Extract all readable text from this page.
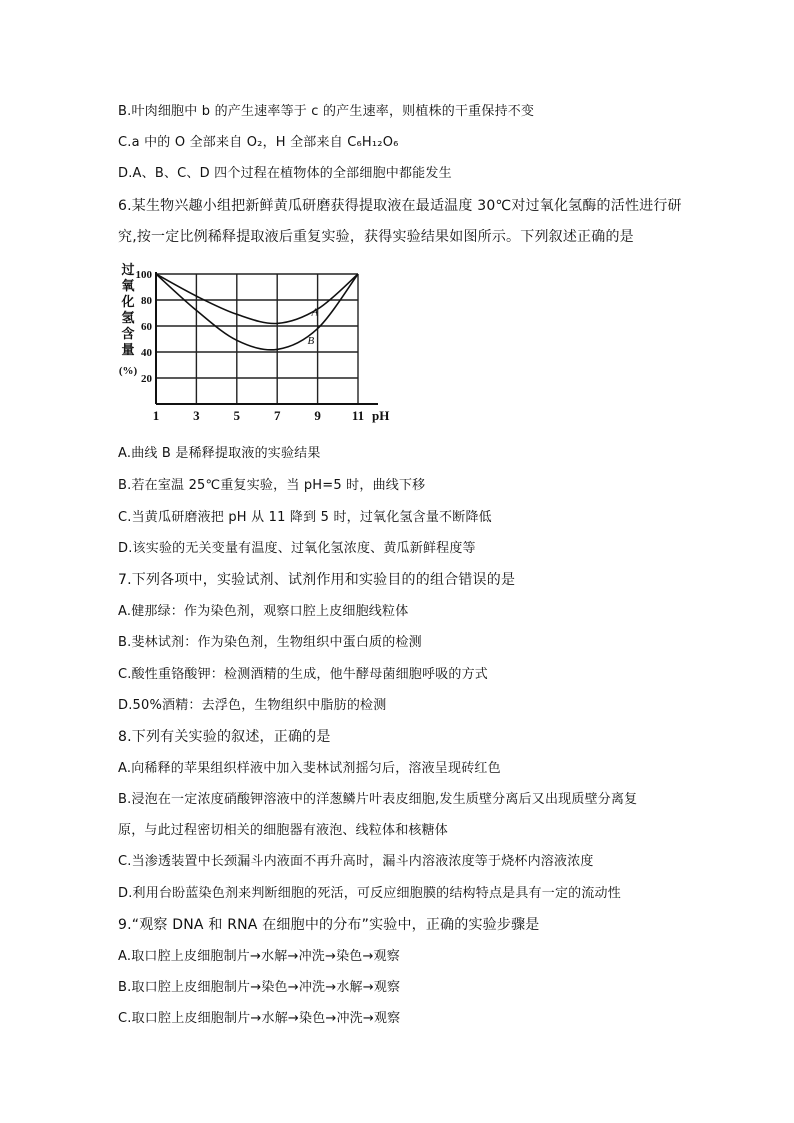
B.叶肉细胞中 b 的产生速率等于 c 的产生速率，则植株的干重保持不变
C.a 中的 O 全部来自 O₂，H 全部来自 C₆H₁₂O₆
D.A、B、C、D 四个过程在植物体的全部细胞中都能发生
6.某生物兴趣小组把新鲜黄瓜研磨获得提取液在最适温度 30℃对过氧化氢酶的活性进行研
究,按一定比例稀释提取液后重复实验，获得实验结果如图所示。下列叙述正确的是
A.曲线 B 是稀释提取液的实验结果
B.若在室温 25℃重复实验，当 pH=5 时，曲线下移
C.当黄瓜研磨液把 pH 从 11 降到 5 时，过氧化氢含量不断降低
D.该实验的无关变量有温度、过氧化氢浓度、黄瓜新鲜程度等
7.下列各项中，实验试剂、试剂作用和实验目的的组合错误的是
A.健那绿：作为染色剂，观察口腔上皮细胞线粒体
B.斐林试剂：作为染色剂，生物组织中蛋白质的检测
C.酸性重铬酸钾：检测酒精的生成，他牛酵母菌细胞呼吸的方式
D.50%酒精：去浮色，生物组织中脂肪的检测
8.下列有关实验的叙述，正确的是
A.向稀释的苹果组织样液中加入斐林试剂摇匀后，溶液呈现砖红色
B.浸泡在一定浓度硝酸钾溶液中的洋葱鳞片叶表皮细胞,发生质壁分离后又出现质壁分离复
原，与此过程密切相关的细胞器有液泡、线粒体和核糖体
C.当渗透装置中长颈漏斗内液面不再升高时，漏斗内溶液浓度等于烧杯内溶液浓度
D.利用台盼蓝染色剂来判断细胞的死活，可反应细胞膜的结构特点是具有一定的流动性
9.“观察 DNA 和 RNA 在细胞中的分布”实验中，正确的实验步骤是
A.取口腔上皮细胞制片→水解→冲洗→染色→观察
B.取口腔上皮细胞制片→染色→冲洗→水解→观察
C.取口腔上皮细胞制片→水解→染色→冲洗→观察
过
氧
化
氢
含
量
(%)
A
B
1	3	5	7	9 11 pH
20
40
60
80
100
